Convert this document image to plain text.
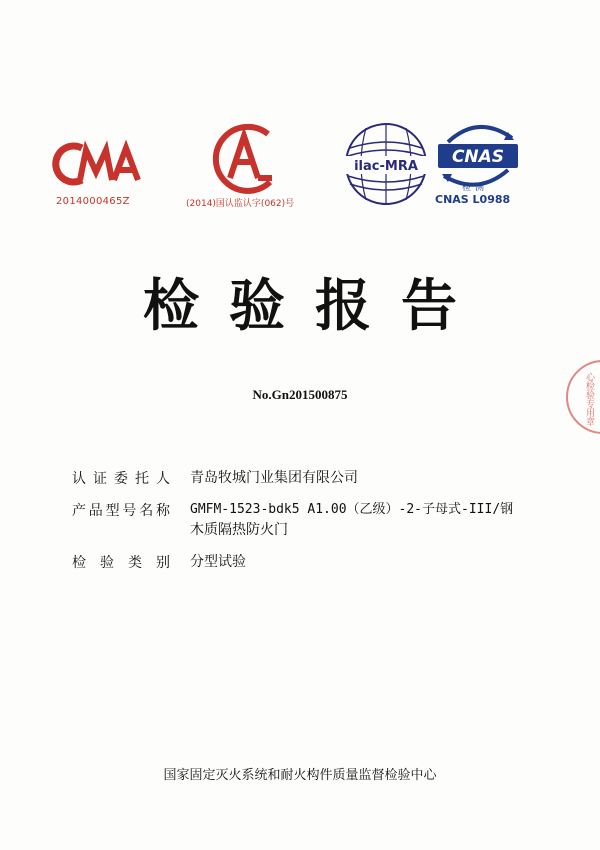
2014000465Z	(2014)国认监认字(062)号
ilac-MRA CNAS
检测
CNAS L0988
检验报告
No.Gn201500875
认证委托人 青岛牧城门业集团有限公司
产品型号名称 GMFM-1523-bdk5 A1.00（乙级）-2-子母式-III/钢
木质隔热防火门
检验类别 分型试验
国家固定灭火系统和耐火构件质量监督检验中心
心检验专用章
